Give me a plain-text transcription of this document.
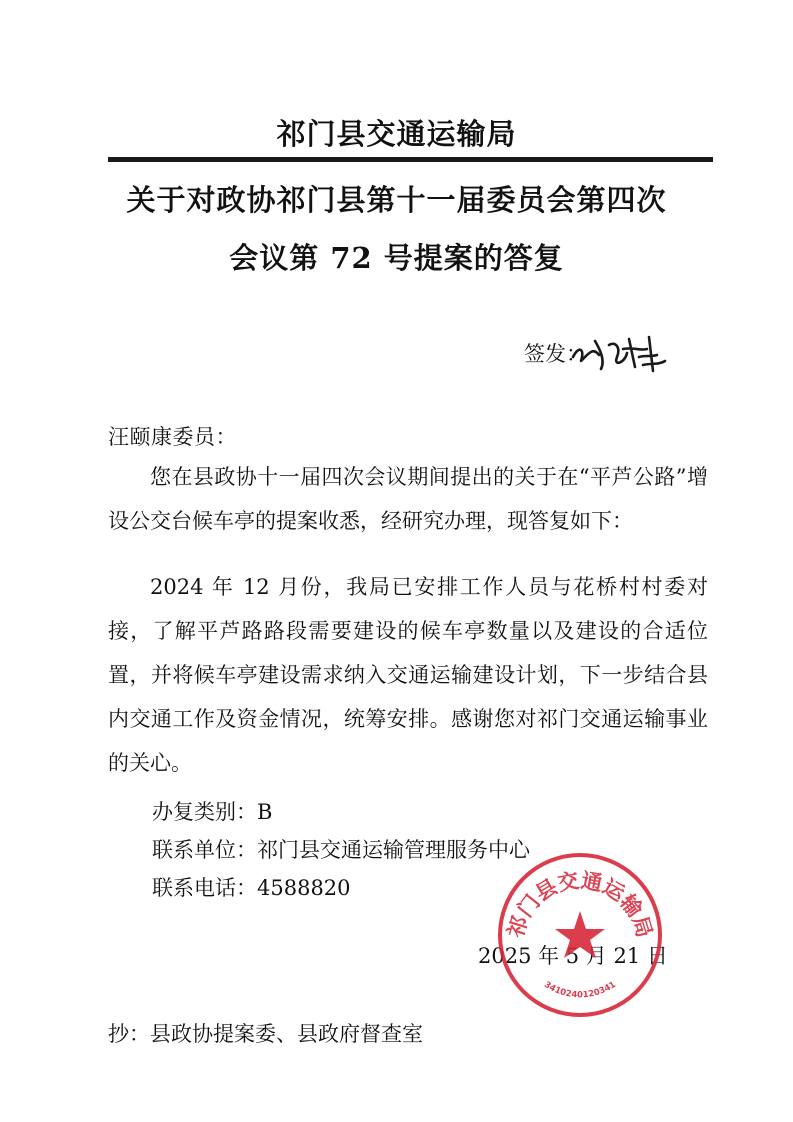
祁门县交通运输局
关于对政协祁门县第十一届委员会第四次
会议第 72 号提案的答复
签发：
汪颐康委员：
您在县政协十一届四次会议期间提出的关于在“平芦公路”增设公交台候车亭的提案收悉，经研究办理，现答复如下：
2024 年 12 月份，我局已安排工作人员与花桥村村委对接，了解平芦路路段需要建设的候车亭数量以及建设的合适位置，并将候车亭建设需求纳入交通运输建设计划，下一步结合县内交通工作及资金情况，统筹安排。感谢您对祁门交通运输事业的关心。
办复类别：B
联系单位：祁门县交通运输管理服务中心
联系电话：4588820
2025 年 5 月 21 日
祁门县交通运输局
3410240120341
抄：县政协提案委、县政府督查室
